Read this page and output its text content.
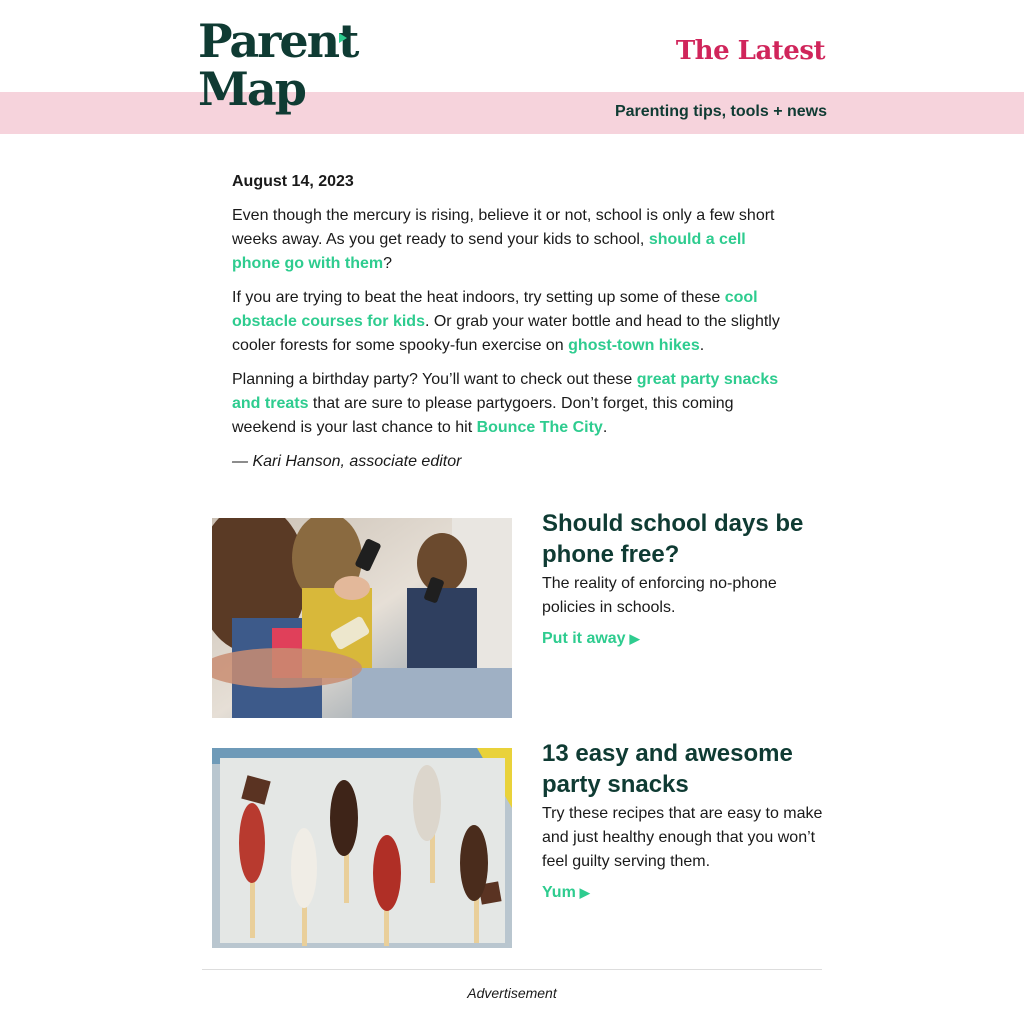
Parent
Map
The Latest
Parenting tips, tools + news
August 14, 2023

Even though the mercury is rising, believe it or not, school is only a few short weeks away. As you get ready to send your kids to school, should a cell phone go with them?

If you are trying to beat the heat indoors, try setting up some of these cool obstacle courses for kids. Or grab your water bottle and head to the slightly cooler forests for some spooky-fun exercise on ghost-town hikes.

Planning a birthday party? You’ll want to check out these great party snacks and treats that are sure to please partygoers. Don’t forget, this coming weekend is your last chance to hit Bounce The City.

— Kari Hanson, associate editor
Should school days be phone free?
The reality of enforcing no-phone policies in schools.
Put it away ▶
13 easy and awesome party snacks
Try these recipes that are easy to make and just healthy enough that you won’t feel guilty serving them.
Yum ▶
Advertisement
